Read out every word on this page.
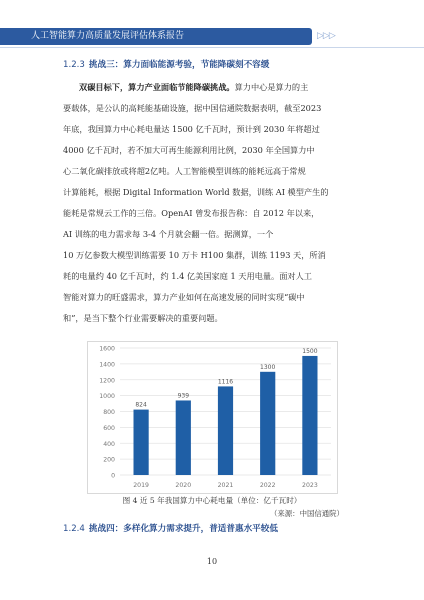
人工智能算力高质量发展评估体系报告	▷▷▷
1.2.3 挑战三：算力面临能源考验，节能降碳刻不容缓
双碳目标下，算力产业面临节能降碳挑战。算力中心是算力的主
要载体，是公认的高耗能基础设施，据中国信通院数据表明，截至2023
年底，我国算力中心耗电量达 1500 亿千瓦时，预计到 2030 年将超过
4000 亿千瓦时，若不加大可再生能源利用比例，2030 年全国算力中
心二氧化碳排放或将超2亿吨。人工智能模型训练的能耗远高于常规
计算能耗，根据 Digital Information World 数据，训练 AI 模型产生的
能耗是常规云工作的三倍。OpenAI 曾发布报告称：自 2012 年以来，
AI 训练的电力需求每 3-4 个月就会翻一倍。据测算，一个
10 万亿参数大模型训练需要 10 万卡 H100 集群，训练 1193 天，所消
耗的电量约 40 亿千瓦时，约 1.4 亿美国家庭 1 天用电量。面对人工
智能对算力的旺盛需求，算力产业如何在高速发展的同时实现“碳中
和”，是当下整个行业需要解决的重要问题。
0
200
400
600
800
1000
1200
1400
1600
824
2019
939
2020
1116
2021
1300
2022
1500
2023
图 4 近 5 年我国算力中心耗电量（单位：亿千瓦时）
（来源：中国信通院）
1.2.4 挑战四：多样化算力需求提升，普适普惠水平较低
10
